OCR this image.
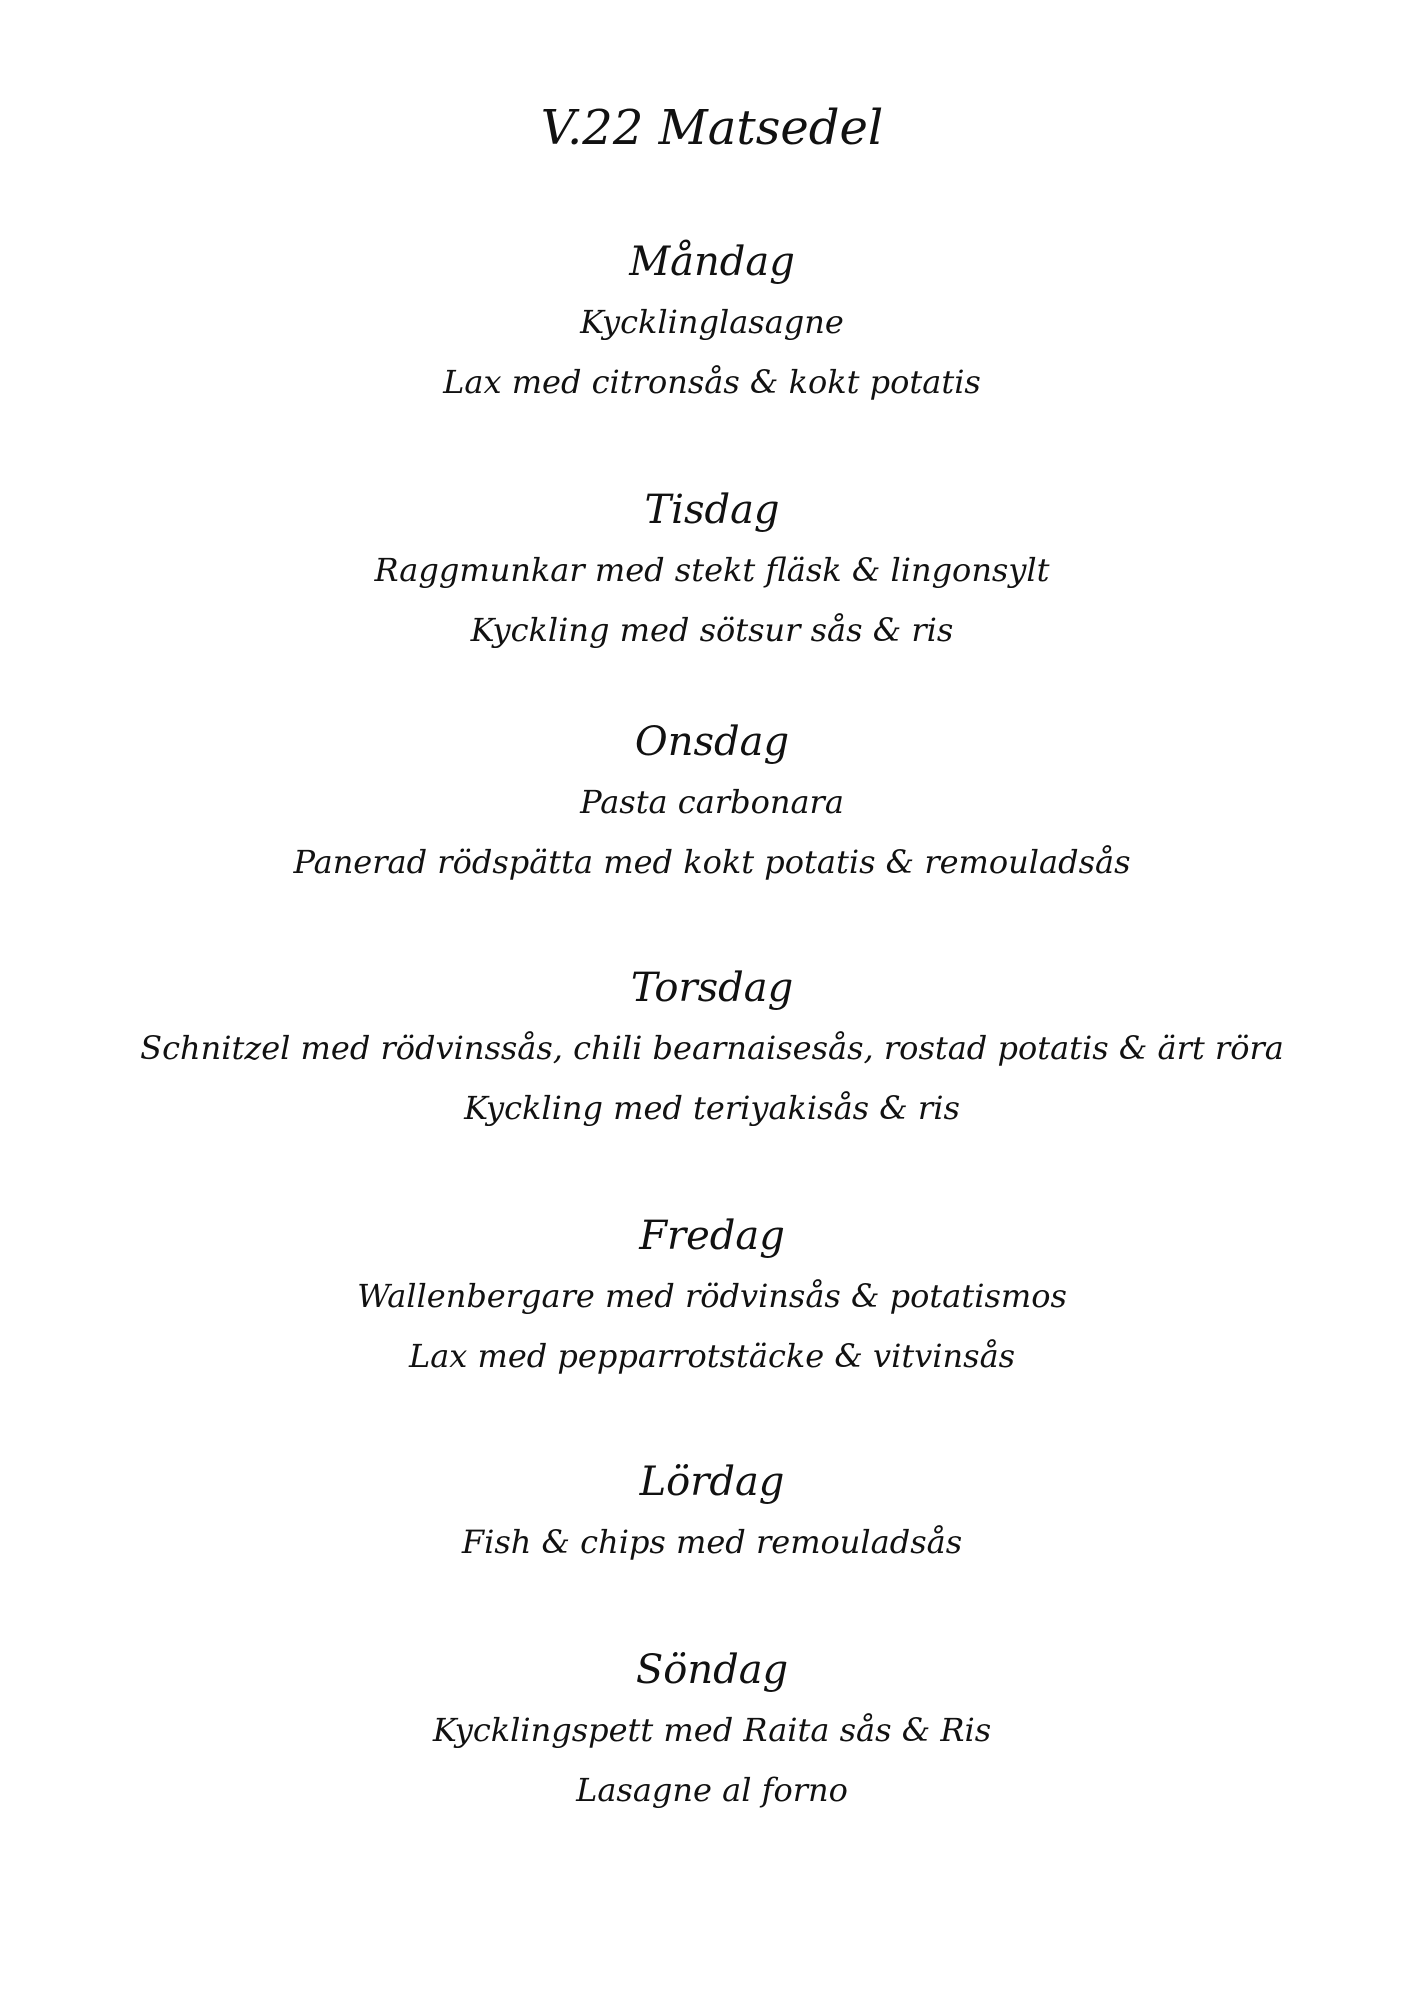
V.22 Matsedel
Måndag

Kycklinglasagne

Lax med citronsås & kokt potatis

Tisdag

Raggmunkar med stekt fläsk & lingonsylt

Kyckling med sötsur sås & ris

Onsdag

Pasta carbonara

Panerad rödspätta med kokt potatis & remouladsås

Torsdag

Schnitzel med rödvinssås, chili bearnaisesås, rostad potatis & ärt röra

Kyckling med teriyakisås & ris

Fredag

Wallenbergare med rödvinsås & potatismos

Lax med pepparrotstäcke & vitvinsås

Lördag

Fish & chips med remouladsås

Söndag

Kycklingspett med Raita sås & Ris

Lasagne al forno
